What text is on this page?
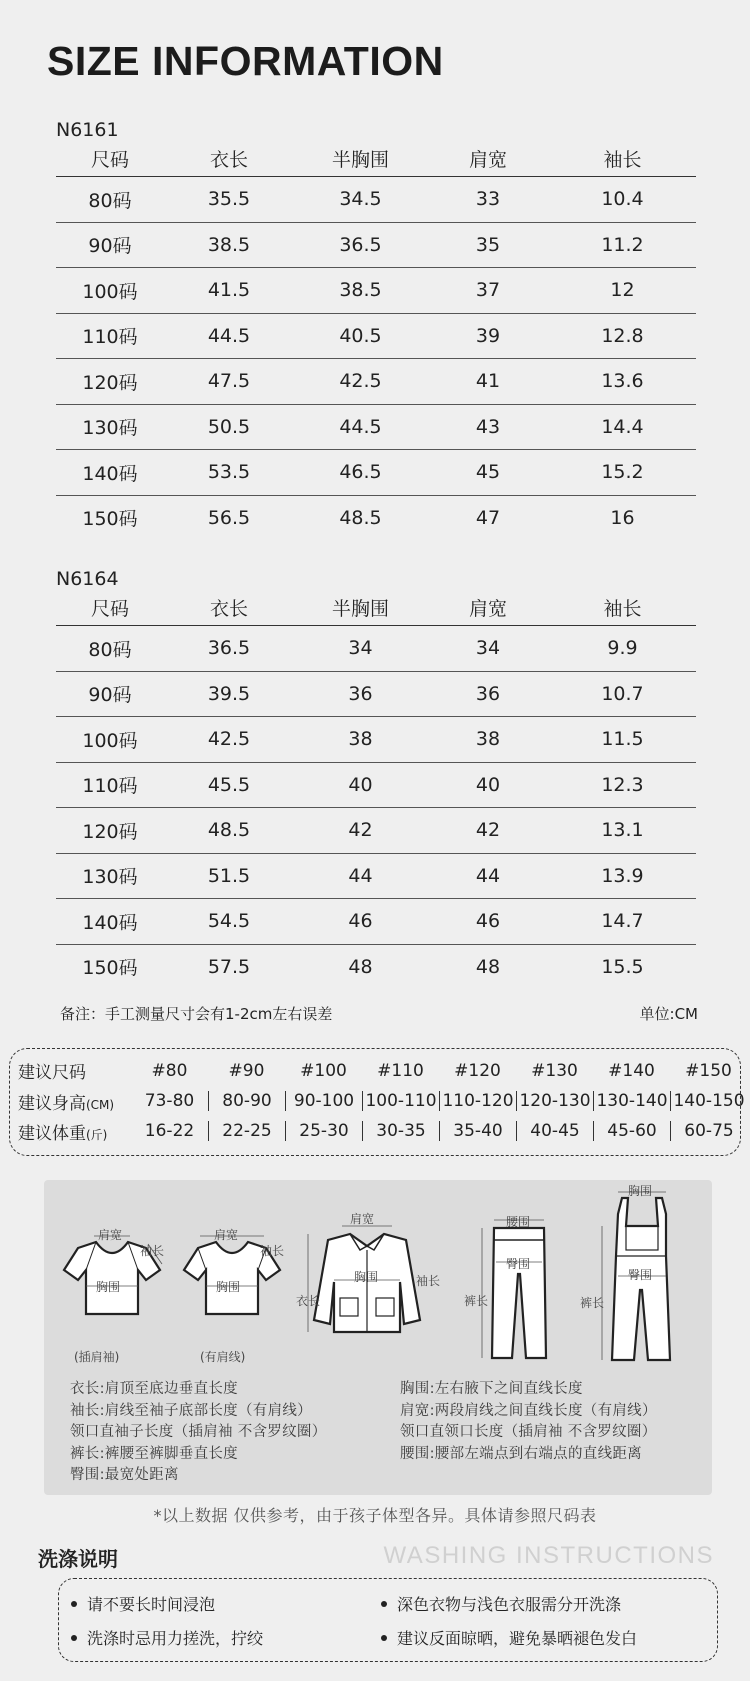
SIZE INFORMATION
N6161
尺码	衣长	半胸围	肩宽	袖长
80码	35.5	34.5	33	10.4
90码	38.5	36.5	35	11.2
100码	41.5	38.5	37	12
110码	44.5	40.5	39	12.8
120码	47.5	42.5	41	13.6
130码	50.5	44.5	43	14.4
140码	53.5	46.5	45	15.2
150码	56.5	48.5	47	16
N6164
尺码	衣长	半胸围	肩宽	袖长
80码	36.5	34	34	9.9
90码	39.5	36	36	10.7
100码	42.5	38	38	11.5
110码	45.5	40	40	12.3
120码	48.5	42	42	13.1
130码	51.5	44	44	13.9
140码	54.5	46	46	14.7
150码	57.5	48	48	15.5
备注：手工测量尺寸会有1-2cm左右误差	单位:CM
建议尺码	#80	#90	#100	#110	#120	#130	#140	#150
建议身高(CM)	73-80	80-90	90-100 100-110 110-120 120-130 130-140 140-150
建议体重(斤)	16-22	22-25	25-30	30-35	35-40	40-45	45-60	60-75
肩宽
袖长
胸围
(插肩袖)
肩宽
袖长
胸围
(有肩线)
肩宽
胸围
衣长
袖长
腰围
臀围
裤长
胸围
臀围
裤长
衣长:肩顶至底边垂直长度
袖长:肩线至袖子底部长度（有肩线）
领口直袖子长度（插肩袖 不含罗纹圈）
裤长:裤腰至裤脚垂直长度
臀围:最宽处距离
胸围:左右腋下之间直线长度
肩宽:两段肩线之间直线长度（有肩线）
领口直领口长度（插肩袖 不含罗纹圈）
腰围:腰部左端点到右端点的直线距离
*以上数据 仅供参考，由于孩子体型各异。具体请参照尺码表
洗涤说明	WASHING INSTRUCTIONS
请不要长时间浸泡	深色衣物与浅色衣服需分开洗涤
洗涤时忌用力搓洗，拧绞	建议反面晾晒，避免暴晒褪色发白
